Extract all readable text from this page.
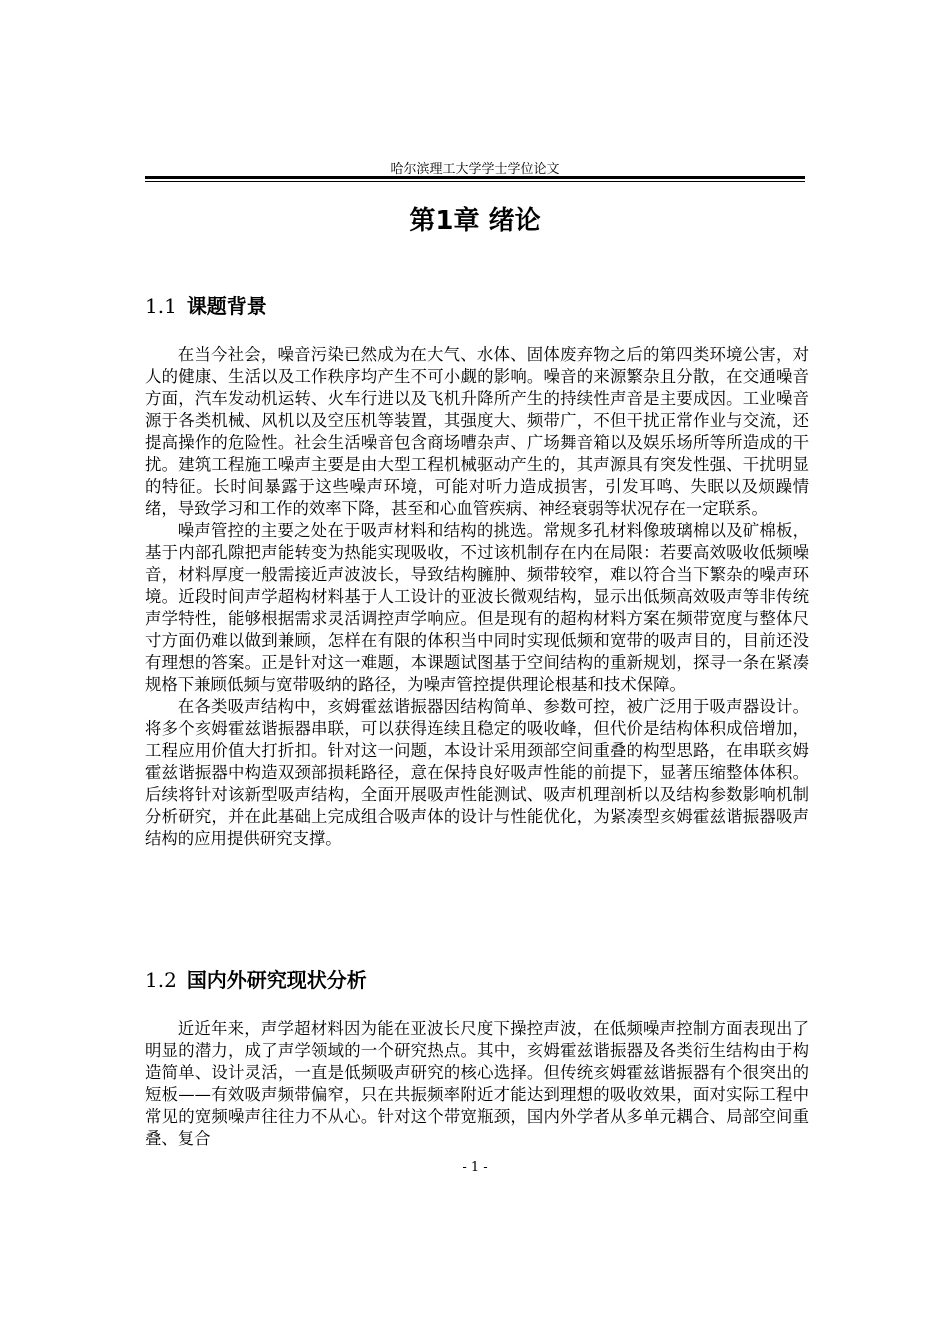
哈尔滨理工大学学士学位论文
第1章 绪论
1.1 课题背景

在当今社会，噪音污染已然成为在大气、水体、固体废弃物之后的第四类环境公害，对人的健康、生活以及工作秩序均产生不可小觑的影响。噪音的来源繁杂且分散，在交通噪音方面，汽车发动机运转、火车行进以及飞机升降所产生的持续性声音是主要成因。工业噪音源于各类机械、风机以及空压机等装置，其强度大、频带广，不但干扰正常作业与交流，还提高操作的危险性。社会生活噪音包含商场嘈杂声、广场舞音箱以及娱乐场所等所造成的干扰。建筑工程施工噪声主要是由大型工程机械驱动产生的，其声源具有突发性强、干扰明显的特征。长时间暴露于这些噪声环境，可能对听力造成损害，引发耳鸣、失眠以及烦躁情绪，导致学习和工作的效率下降，甚至和心血管疾病、神经衰弱等状况存在一定联系。

噪声管控的主要之处在于吸声材料和结构的挑选。常规多孔材料像玻璃棉以及矿棉板，基于内部孔隙把声能转变为热能实现吸收，不过该机制存在内在局限：若要高效吸收低频噪音，材料厚度一般需接近声波波长，导致结构臃肿、频带较窄，难以符合当下繁杂的噪声环境。近段时间声学超构材料基于人工设计的亚波长微观结构，显示出低频高效吸声等非传统声学特性，能够根据需求灵活调控声学响应。但是现有的超构材料方案在频带宽度与整体尺寸方面仍难以做到兼顾，怎样在有限的体积当中同时实现低频和宽带的吸声目的，目前还没有理想的答案。正是针对这一难题，本课题试图基于空间结构的重新规划，探寻一条在紧凑规格下兼顾低频与宽带吸纳的路径，为噪声管控提供理论根基和技术保障。

在各类吸声结构中，亥姆霍兹谐振器因结构简单、参数可控，被广泛用于吸声器设计。将多个亥姆霍兹谐振器串联，可以获得连续且稳定的吸收峰，但代价是结构体积成倍增加，工程应用价值大打折扣。针对这一问题，本设计采用颈部空间重叠的构型思路，在串联亥姆霍兹谐振器中构造双颈部损耗路径，意在保持良好吸声性能的前提下，显著压缩整体体积。后续将针对该新型吸声结构，全面开展吸声性能测试、吸声机理剖析以及结构参数影响机制分析研究，并在此基础上完成组合吸声体的设计与性能优化，为紧凑型亥姆霍兹谐振器吸声结构的应用提供研究支撑。

1.2 国内外研究现状分析

近近年来，声学超材料因为能在亚波长尺度下操控声波，在低频噪声控制方面表现出了明显的潜力，成了声学领域的一个研究热点。其中，亥姆霍兹谐振器及各类衍生结构由于构造简单、设计灵活，一直是低频吸声研究的核心选择。但传统亥姆霍兹谐振器有个很突出的短板——有效吸声频带偏窄，只在共振频率附近才能达到理想的吸收效果，面对实际工程中常见的宽频噪声往往力不从心。针对这个带宽瓶颈，国内外学者从多单元耦合、局部空间重叠、复合

- 1 -
